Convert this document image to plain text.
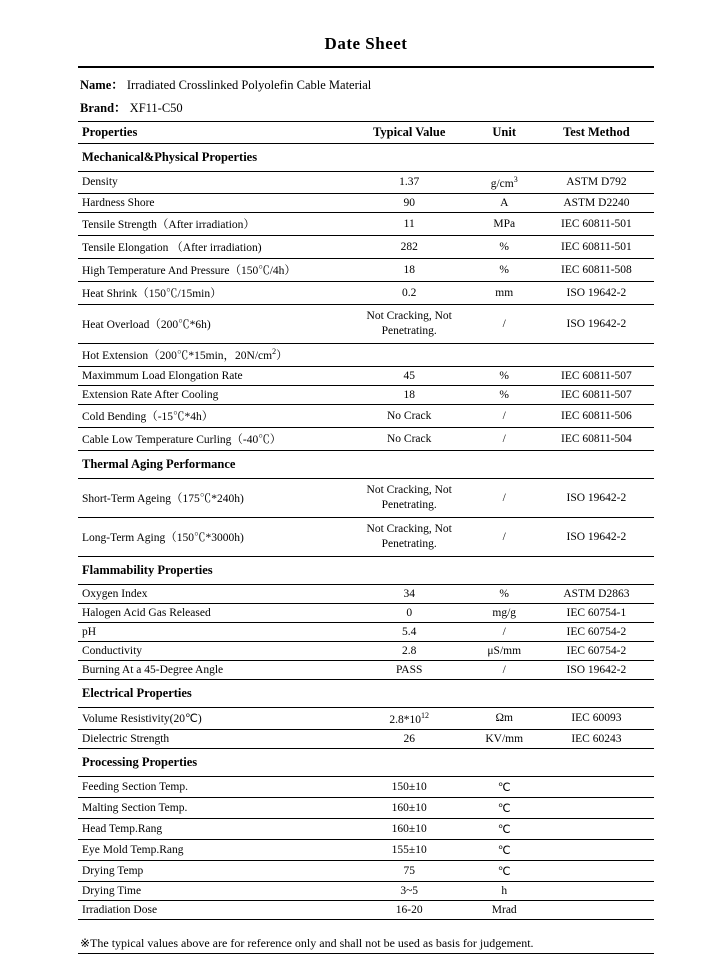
Date Sheet
Name： Irradiated Crosslinked Polyolefin Cable Material
Brand： XF11-C50
Properties	Typical Value	Unit	Test Method
Mechanical&Physical Properties			
Density	1.37	$g/cm^3$	ASTM D792
Hardness Shore	90	A	ASTM D2240
Tensile Strength（After irradiation）	11	MPa	IEC 60811-501
Tensile Elongation （After irradiation)	282	%	IEC 60811-501
High Temperature And Pressure（150℃/4h）	18	%	IEC 60811-508
Heat Shrink（150℃/15min）	0.2	mm	ISO 19642-2
Heat Overload（200℃*6h)	Not Cracking, Not
Penetrating.	/	ISO 19642-2
Hot Extension（200℃*15min，$20N/cm^2$）			
Maximmum Load Elongation Rate	45	%	IEC 60811-507
Extension Rate After Cooling	18	%	IEC 60811-507
Cold Bending（-15℃*4h）	No Crack	/	IEC 60811-506
Cable Low Temperature Curling（-40℃）	No Crack	/	IEC 60811-504
Thermal Aging Performance			
Short-Term Ageing（175℃*240h)	Not Cracking, Not
Penetrating.	/	ISO 19642-2
Long-Term Aging（150℃*3000h)	Not Cracking, Not
Penetrating.	/	ISO 19642-2
Flammability Properties			
Oxygen Index	34	%	ASTM D2863
Halogen Acid Gas Released	0	mg/g	IEC 60754-1
pH	5.4	/	IEC 60754-2
Conductivity	2.8	μS/mm	IEC 60754-2
Burning At a 45-Degree Angle	PASS	/	ISO 19642-2
Electrical Properties			
Volume Resistivity(20℃)	$2.8*10^{12}$	Ωm	IEC 60093
Dielectric Strength	26	KV/mm	IEC 60243
Processing Properties			
Feeding Section Temp.	150±10	℃	
Malting Section Temp.	160±10	℃	
Head Temp.Rang	160±10	℃	
Eye Mold Temp.Rang	155±10	℃	
Drying Temp	75	℃	
Drying Time	3~5	h	
Irradiation Dose	16-20	Mrad	
※The typical values above are for reference only and shall not be used as basis for judgement.
